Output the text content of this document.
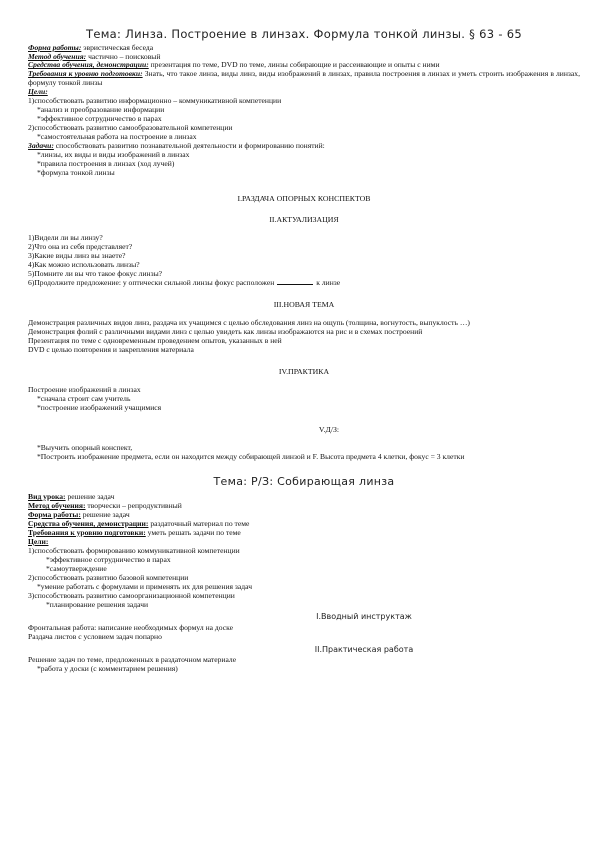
Тема: Линза. Построение в линзах. Формула тонкой линзы. § 63 - 65

Форма работы: эвристическая беседа

Метод обучения: частично – поисковый

Средства обучения, демонстрации: презентация по теме, DVD по теме, линзы собирающие и рассеивающие и опыты с ними

Требования к уровню подготовки: Знать, что такое линза, виды линз, виды изображений в линзах, правила построения в линзах и уметь строить изображения в линзах, формулу тонкой линзы

Цели:

1)способствовать развитию информационно – коммуникативной компетенции

*анализ и преобразование информации

*эффективное сотрудничество в парах

2)способствовать развитию самообразовательной компетенции

*самостоятельная работа на построение в линзах

Задачи: способствовать развитию познавательной деятельности и формированию понятий:

*линзы, их виды и виды изображений в линзах

*правила построения в линзах (ход лучей)

*формула тонкой линзы

I.РАЗДАЧА ОПОРНЫХ КОНСПЕКТОВ
II.АКТУАЛИЗАЦИЯ

1)Видели ли вы линзу?

2)Что она из себя представляет?

3)Какие виды линз вы знаете?

4)Как можно использовать линзы?

5)Помните ли вы что такое фокус линзы?

6)Продолжите предложение: у оптически сильной линзы фокус расположен	к линзе

III.НОВАЯ ТЕМА

Демонстрация различных видов линз, раздача их учащимся с целью обследования линз на ощупь (толщина, вогнутость, выпуклость …)

Демонстрация фолий с различными видами линз с целью увидеть как линзы изображаются на рис и в схемах построений

Презентация по теме с одновременным проведением опытов, указанных в ней

DVD с целью повторения и закрепления материала

IV.ПРАКТИКА

Построение изображений в линзах

*сначала строит сам учитель

*построение изображений учащимися

V.Д/З:

*Выучить опорный конспект,

*Построить изображение предмета, если он находится между собирающей линзой и F. Высота предмета 4 клетки, фокус = 3 клетки

Тема: Р/З: Собирающая линза

Вид урока: решение задач

Метод обучения: творчески – репродуктивный

Форма работы: решение задач

Средства обучения, демонстрации: раздаточный материал по теме

Требования к уровню подготовки: уметь решать задачи по теме

Цели:

1)способствовать формированию коммуникативной компетенции

*эффективное сотрудничество в парах

*самоутверждение

2)способствовать развитию базовой компетенции

*умение работать с формулами и применять их для решения задач

3)способствовать развитию самоорганизационной компетенции

*планирование решения задачи

I.Вводный инструктаж

Фронтальная работа: написание необходимых формул на доске

Раздача листов с условием задач попарно

II.Практическая работа

Решение задач по теме, предложенных в раздаточном материале

*работа у доски (с комментарием решения)
